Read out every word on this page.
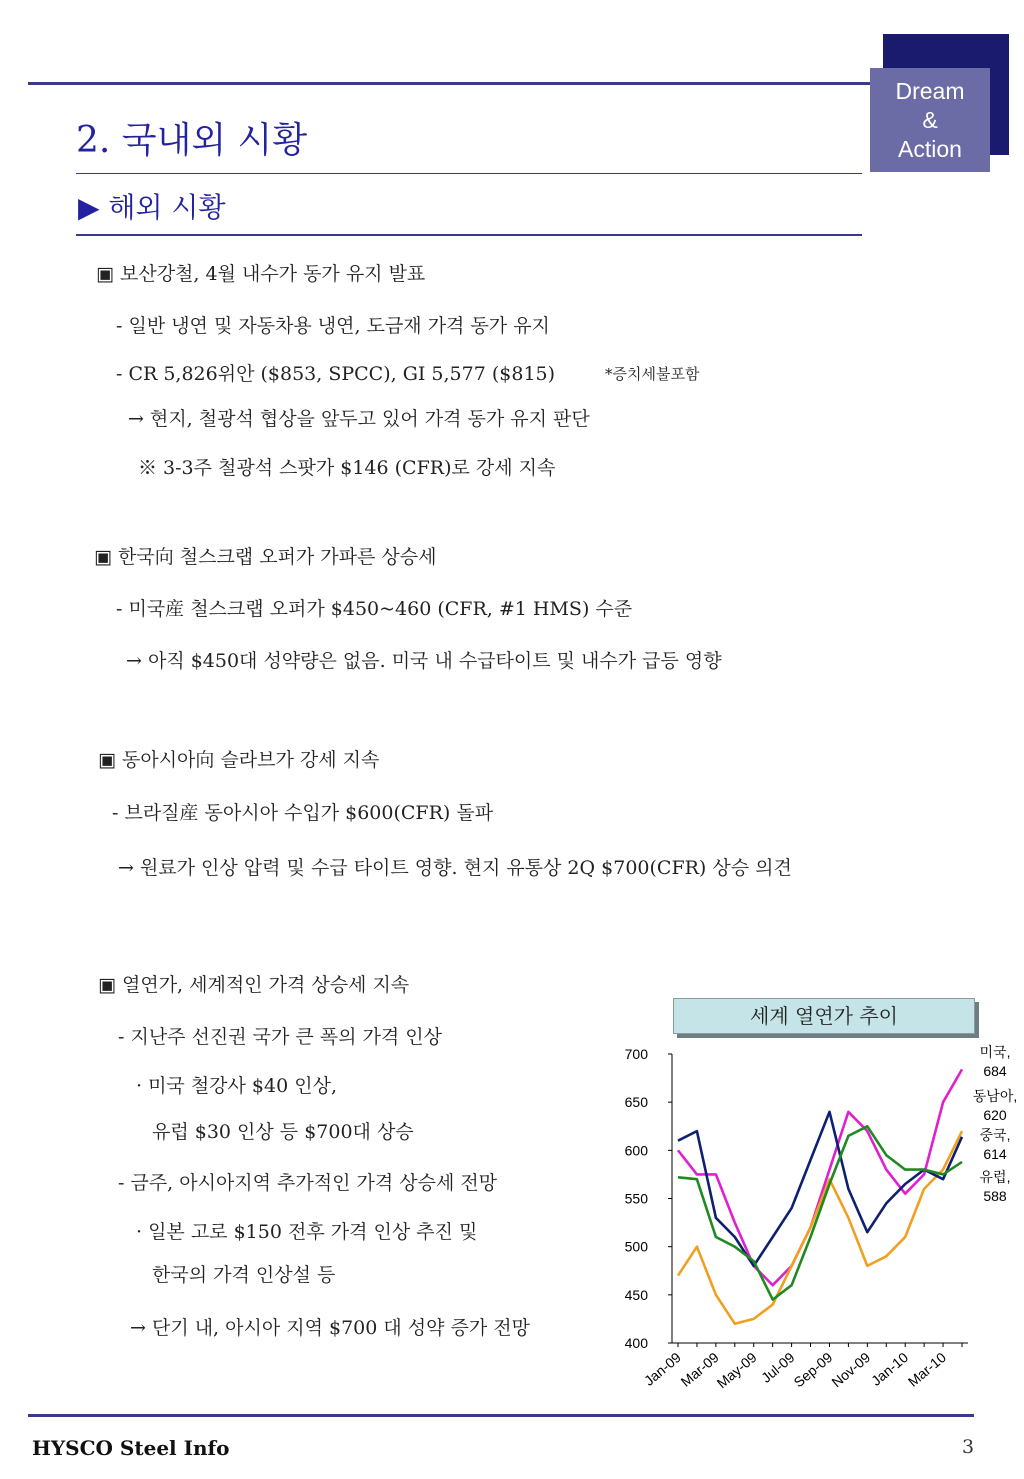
Dream
&
Action
2. 국내외 시황
▶ 해외 시황
▣ 보산강철, 4월 내수가 동가 유지 발표
- 일반 냉연 및 자동차용 냉연, 도금재 가격 동가 유지
- CR 5,826위안 ($853, SPCC), GI 5,577 ($815)	*증치세불포함
→ 현지, 철광석 협상을 앞두고 있어 가격 동가 유지 판단
※ 3-3주 철광석 스팟가 $146 (CFR)로 강세 지속
▣ 한국向 철스크랩 오퍼가 가파른 상승세
- 미국産 철스크랩 오퍼가 $450~460 (CFR, #1 HMS) 수준
→ 아직 $450대 성약량은 없음. 미국 내 수급타이트 및 내수가 급등 영향
▣ 동아시아向 슬라브가 강세 지속
- 브라질産 동아시아 수입가 $600(CFR) 돌파
→ 원료가 인상 압력 및 수급 타이트 영향. 현지 유통상 2Q $700(CFR) 상승 의견
▣ 열연가, 세계적인 가격 상승세 지속
- 지난주 선진권 국가 큰 폭의 가격 인상
· 미국 철강사 $40 인상,
유럽 $30 인상 등 $700대 상승
- 금주, 아시아지역 추가적인 가격 상승세 전망
· 일본 고로 $150 전후 가격 인상 추진 및
한국의 가격 인상설 등
→ 단기 내, 아시아 지역 $700 대 성약 증가 전망
세계 열연가 추이
400
450
500
550
600
650
700
Jan-09
Mar-09
May-09
Jul-09
Sep-09
Nov-09
Jan-10
Mar-10
미국,
684
동남아,
620
중국,
614
유럽,
588
HYSCO Steel Info	3
